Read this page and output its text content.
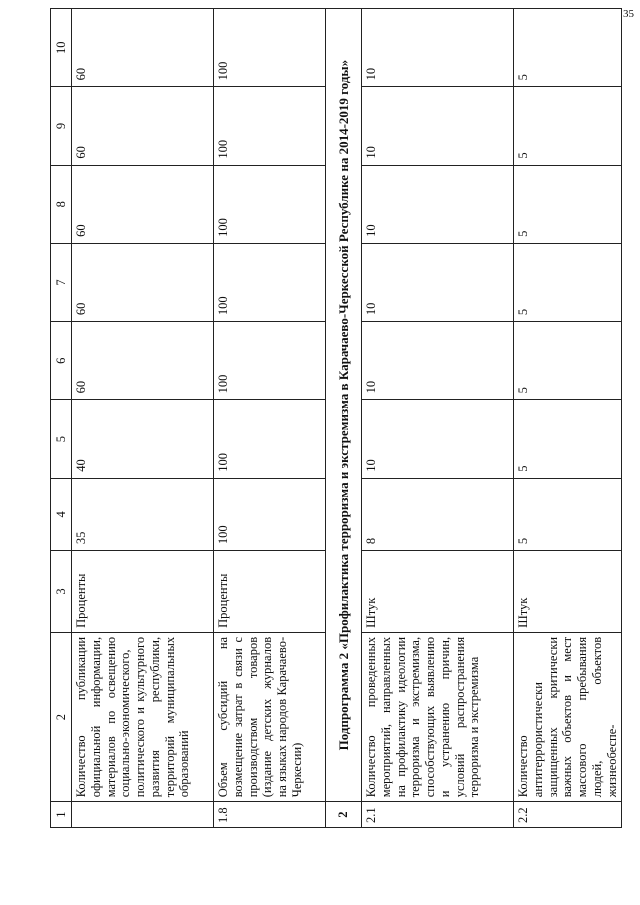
35
1	2	3	4	5	6	7	8	9	10
	Количество публикации официальной информации, материалов по освещению социально-экономического, политического и культурного развития республики, территорий муниципальных образований	Проценты	35	40	60	60	60	60	60
1.8	Объем субсидий на возмещение затрат в связи с производством товаров (издание детских журналов на языках народов Карачаево-Черкесии)	Проценты	100	100	100	100	100	100	100
2	Подпрограмма 2 «Профилактика терроризма и экстремизма в Карачаево-Черкесской Республике на 2014-2019 годы»								
2.1	Количество проведенных мероприятий, направленных на профилактику идеологии терроризма и экстремизма, способствующих выявлению и устранению причин, условий распространения терроризма и экстремизма	Штук	8	10	10	10	10	10	10
2.2	Количество антитеррористически защищенных критически важных объектов и мест массового пребывания людей, объектов жизнеобеспе-	Штук	5	5	5	5	5	5	5
